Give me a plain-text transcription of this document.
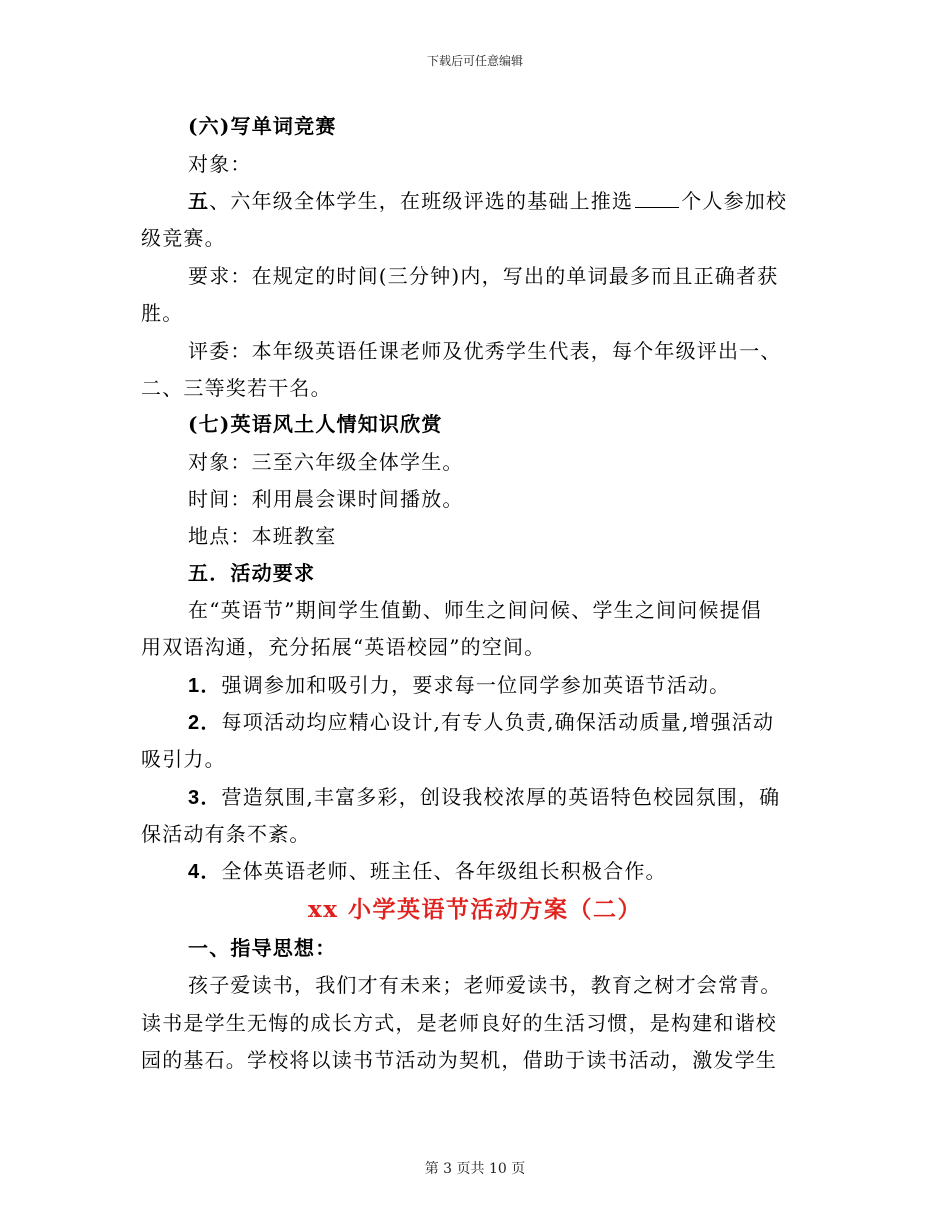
下载后可任意编辑
(六)写单词竞赛
对象：
五、六年级全体学生，在班级评选的基础上推选 个人参加校
级竞赛。
要求：在规定的时间(三分钟)内，写出的单词最多而且正确者获
胜。
评委：本年级英语任课老师及优秀学生代表，每个年级评出一、
二、三等奖若干名。
(七)英语风土人情知识欣赏
对象：三至六年级全体学生。
时间：利用晨会课时间播放。
地点：本班教室
五．活动要求
在“英语节”期间学生值勤、师生之间问候、学生之间问候提倡
用双语沟通，充分拓展“英语校园”的空间。
1．强调参加和吸引力，要求每一位同学参加英语节活动。
2．每项活动均应精心设计,有专人负责,确保活动质量,增强活动
吸引力。
3．营造氛围,丰富多彩，创设我校浓厚的英语特色校园氛围，确
保活动有条不紊。
4．全体英语老师、班主任、各年级组长积极合作。
xx 小学英语节活动方案（二）
一、指导思想：
孩子爱读书，我们才有未来；老师爱读书，教育之树才会常青。
读书是学生无悔的成长方式，是老师良好的生活习惯，是构建和谐校
园的基石。学校将以读书节活动为契机，借助于读书活动，激发学生
第 3 页共 10 页
